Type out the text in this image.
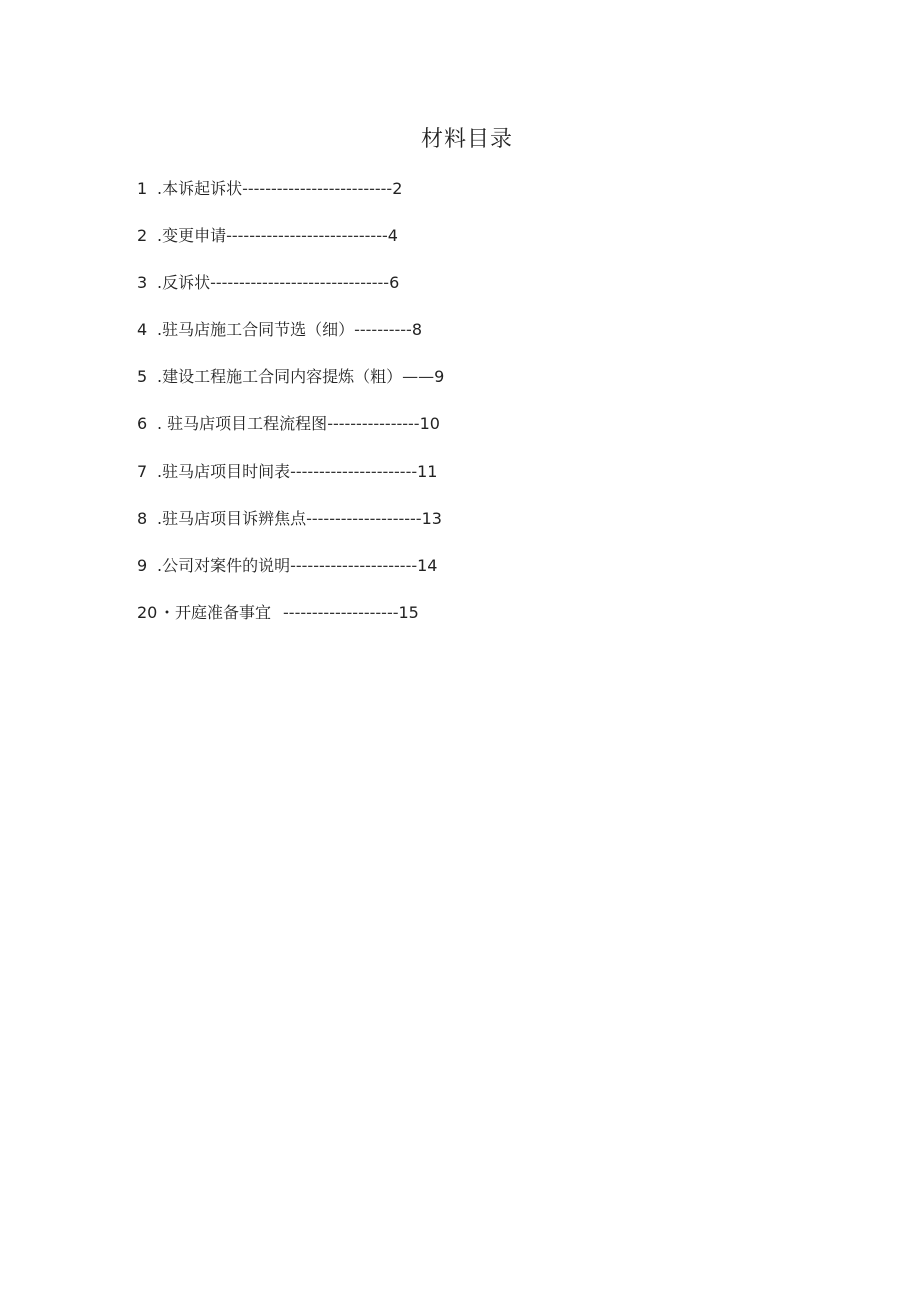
材料目录
1 .本诉起诉状--------------------------2
2 .变更申请----------------------------4
3 .反诉状-------------------------------6
4 .驻马店施工合同节选（细）----------8
5 .建设工程施工合同内容提炼（粗）——9
6 . 驻马店项目工程流程图----------------10
7 .驻马店项目时间表----------------------11
8 .驻马店项目诉辨焦点--------------------13
9 .公司对案件的说明----------------------14
20 ・开庭准备事宜 --------------------15
